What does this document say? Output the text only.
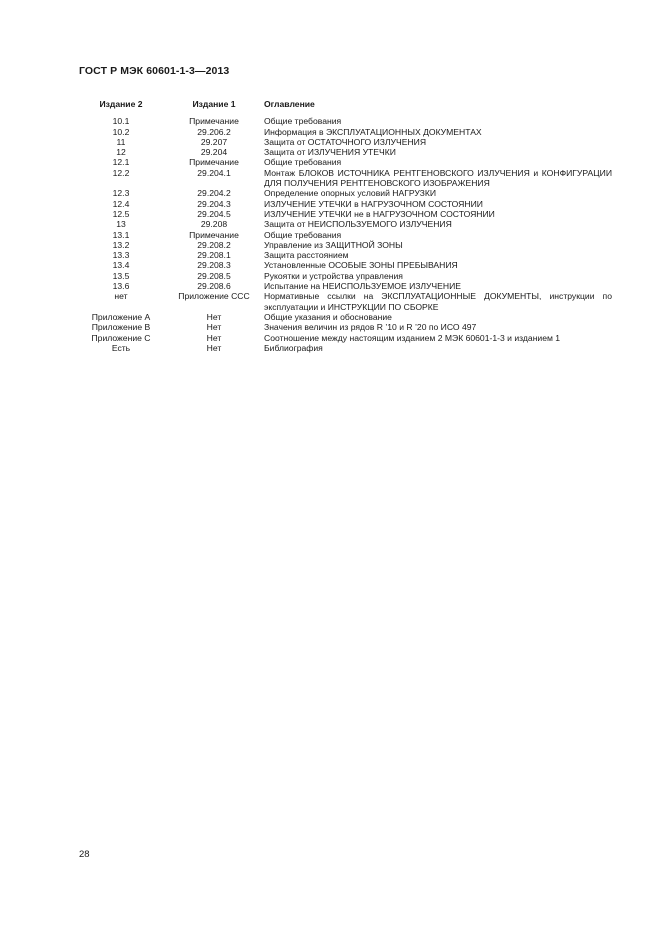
ГОСТ Р МЭК 60601-1-3—2013
Издание 2	Издание 1	Оглавление
10.1	Примечание	Общие требования
10.2	29.206.2	Информация в ЭКСПЛУАТАЦИОННЫХ ДОКУМЕНТАХ
11	29.207	Защита от ОСТАТОЧНОГО ИЗЛУЧЕНИЯ
12	29.204	Защита от ИЗЛУЧЕНИЯ УТЕЧКИ
12.1	Примечание	Общие требования
12.2	29.204.1	Монтаж БЛОКОВ ИСТОЧНИКА РЕНТГЕНОВСКОГО ИЗЛУЧЕНИЯ и КОНФИГУРАЦИИ ДЛЯ ПОЛУЧЕНИЯ РЕНТГЕНОВСКОГО ИЗОБРАЖЕНИЯ
12.3	29.204.2	Определение опорных условий НАГРУЗКИ
12.4	29.204.3	ИЗЛУЧЕНИЕ УТЕЧКИ в НАГРУЗОЧНОМ СОСТОЯНИИ
12.5	29.204.5	ИЗЛУЧЕНИЕ УТЕЧКИ не в НАГРУЗОЧНОМ СОСТОЯНИИ
13	29.208	Защита от НЕИСПОЛЬЗУЕМОГО ИЗЛУЧЕНИЯ
13.1	Примечание	Общие требования
13.2	29.208.2	Управление из ЗАЩИТНОЙ ЗОНЫ
13.3	29.208.1	Защита расстоянием
13.4	29.208.3	Установленные ОСОБЫЕ ЗОНЫ ПРЕБЫВАНИЯ
13.5	29.208.5	Рукоятки и устройства управления
13.6	29.208.6	Испытание на НЕИСПОЛЬЗУЕМОЕ ИЗЛУЧЕНИЕ
нет	Приложение ССС	Нормативные ссылки на ЭКСПЛУАТАЦИОННЫЕ ДОКУМЕНТЫ, инструкции по эксплуатации и ИНСТРУКЦИИ ПО СБОРКЕ
Приложение А	Нет	Общие указания и обоснование
Приложение В	Нет	Значения величин из рядов R ’10 и R ’20 по ИСО 497
Приложение С	Нет	Соотношение между настоящим изданием 2 МЭК 60601-1-3 и изданием 1
Есть	Нет	Библиография
28
